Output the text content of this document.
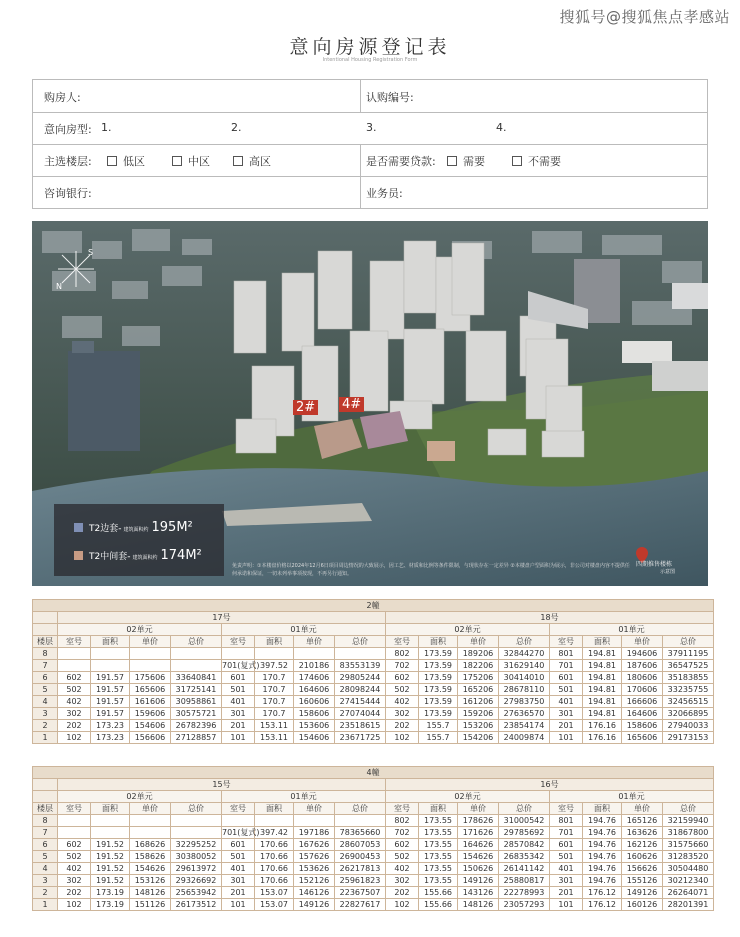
搜狐号@搜狐焦点孝感站
意向房源登记表
Intentional Housing Registration Form
购房人:	认购编号:
意向房型: 1.	2.	3.	4.
主选楼层:	低区	中区	高区	是否需要贷款:	需要	不需要
咨询银行:	业务员:
N
S
2# 4#
T2边套- 建筑面积约 195M²
T2中间套- 建筑面积约 174M²
免责声明：①本楼盘价格以2024年12月6日项目周边情况的大致展示，因工艺、材质和比例等条件限制，与现状存在一定差异 ②本楼盘户型面积为展示，非公司对楼盘内容不提供任何承诺和保证，一切未列举事项按现，不再另行通知。
四期推售楼栋
示意图
2幢																
	17号								18号							
	02单元				01单元				02单元				01单元			
楼层	室号	面积	单价	总价	室号	面积	单价	总价	室号	面积	单价	总价	室号	面积	单价	总价
8									802	173.59	189206	32844270	801	194.81	194606	37911195
7					701(复式)	397.52	210186	83553139	702	173.59	182206	31629140	701	194.81	187606	36547525
6	602	191.57	175606	33640841	601	170.7	174606	29805244	602	173.59	175206	30414010	601	194.81	180606	35183855
5	502	191.57	165606	31725141	501	170.7	164606	28098244	502	173.59	165206	28678110	501	194.81	170606	33235755
4	402	191.57	161606	30958861	401	170.7	160606	27415444	402	173.59	161206	27983750	401	194.81	166606	32456515
3	302	191.57	159606	30575721	301	170.7	158606	27074044	302	173.59	159206	27636570	301	194.81	164606	32066895
2	202	173.23	154606	26782396	201	153.11	153606	23518615	202	155.7	153206	23854174	201	176.16	158606	27940033
1	102	173.23	156606	27128857	101	153.11	154606	23671725	102	155.7	154206	24009874	101	176.16	165606	29173153
4幢																
	15号								16号							
	02单元				01单元				02单元				01单元			
楼层	室号	面积	单价	总价	室号	面积	单价	总价	室号	面积	单价	总价	室号	面积	单价	总价
8									802	173.55	178626	31000542	801	194.76	165126	32159940
7					701(复式)	397.42	197186	78365660	702	173.55	171626	29785692	701	194.76	163626	31867800
6	602	191.52	168626	32295252	601	170.66	167626	28607053	602	173.55	164626	28570842	601	194.76	162126	31575660
5	502	191.52	158626	30380052	501	170.66	157626	26900453	502	173.55	154626	26835342	501	194.76	160626	31283520
4	402	191.52	154626	29613972	401	170.66	153626	26217813	402	173.55	150626	26141142	401	194.76	156626	30504480
3	302	191.52	153126	29326692	301	170.66	152126	25961823	302	173.55	149126	25880817	301	194.76	155126	30212340
2	202	173.19	148126	25653942	201	153.07	146126	22367507	202	155.66	143126	22278993	201	176.12	149126	26264071
1	102	173.19	151126	26173512	101	153.07	149126	22827617	102	155.66	148126	23057293	101	176.12	160126	28201391
